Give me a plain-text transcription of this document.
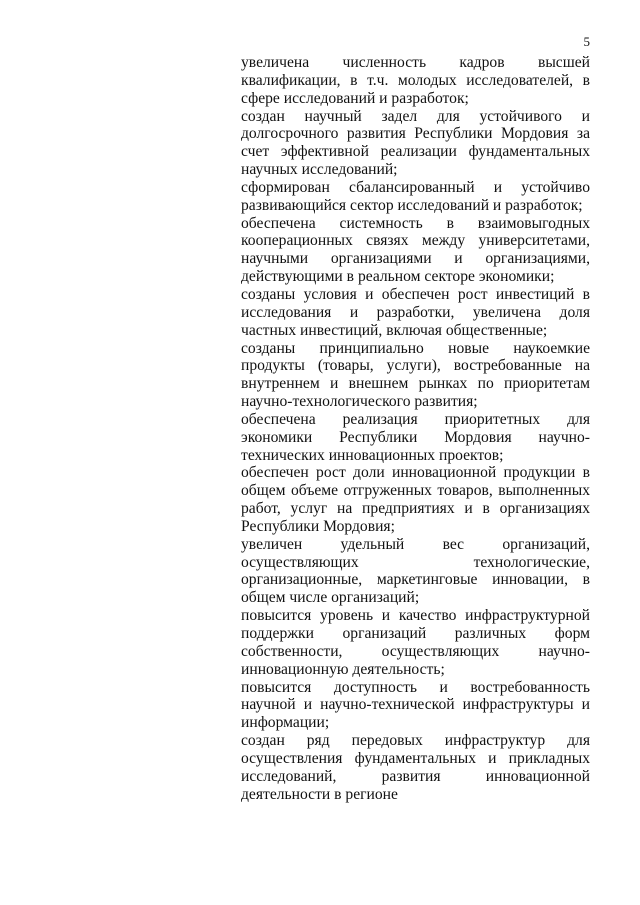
5

увеличена численность кадров высшей квалификации, в т.ч. молодых исследователей, в сфере исследований и разработок;

создан научный задел для устойчивого и долгосрочного развития Республики Мордовия за счет эффективной реализации фундаментальных научных исследований;

сформирован сбалансированный и устойчиво развивающийся сектор исследований и разработок;

обеспечена системность в взаимовыгодных кооперационных связях между университетами, научными организациями и организациями, действующими в реальном секторе экономики;

созданы условия и обеспечен рост инвестиций в исследования и разработки, увеличена доля частных инвестиций, включая общественные;

созданы принципиально новые наукоемкие продукты (товары, услуги), востребованные на внутреннем и внешнем рынках по приоритетам научно-технологического развития;

обеспечена реализация приоритетных для экономики Республики Мордовия научно-технических инновационных проектов;

обеспечен рост доли инновационной продукции в общем объеме отгруженных товаров, выполненных работ, услуг на предприятиях и в организациях Республики Мордовия;

увеличен удельный вес организаций, осуществляющих технологические, организационные, маркетинговые инновации, в общем числе организаций;

повысится уровень и качество инфраструктурной поддержки организаций различных форм собственности, осуществляющих научно-инновационную деятельность;

повысится доступность и востребованность научной и научно-технической инфраструктуры и информации;

создан ряд передовых инфраструктур для осуществления фундаментальных и прикладных исследований, развития инновационной деятельности в регионе
